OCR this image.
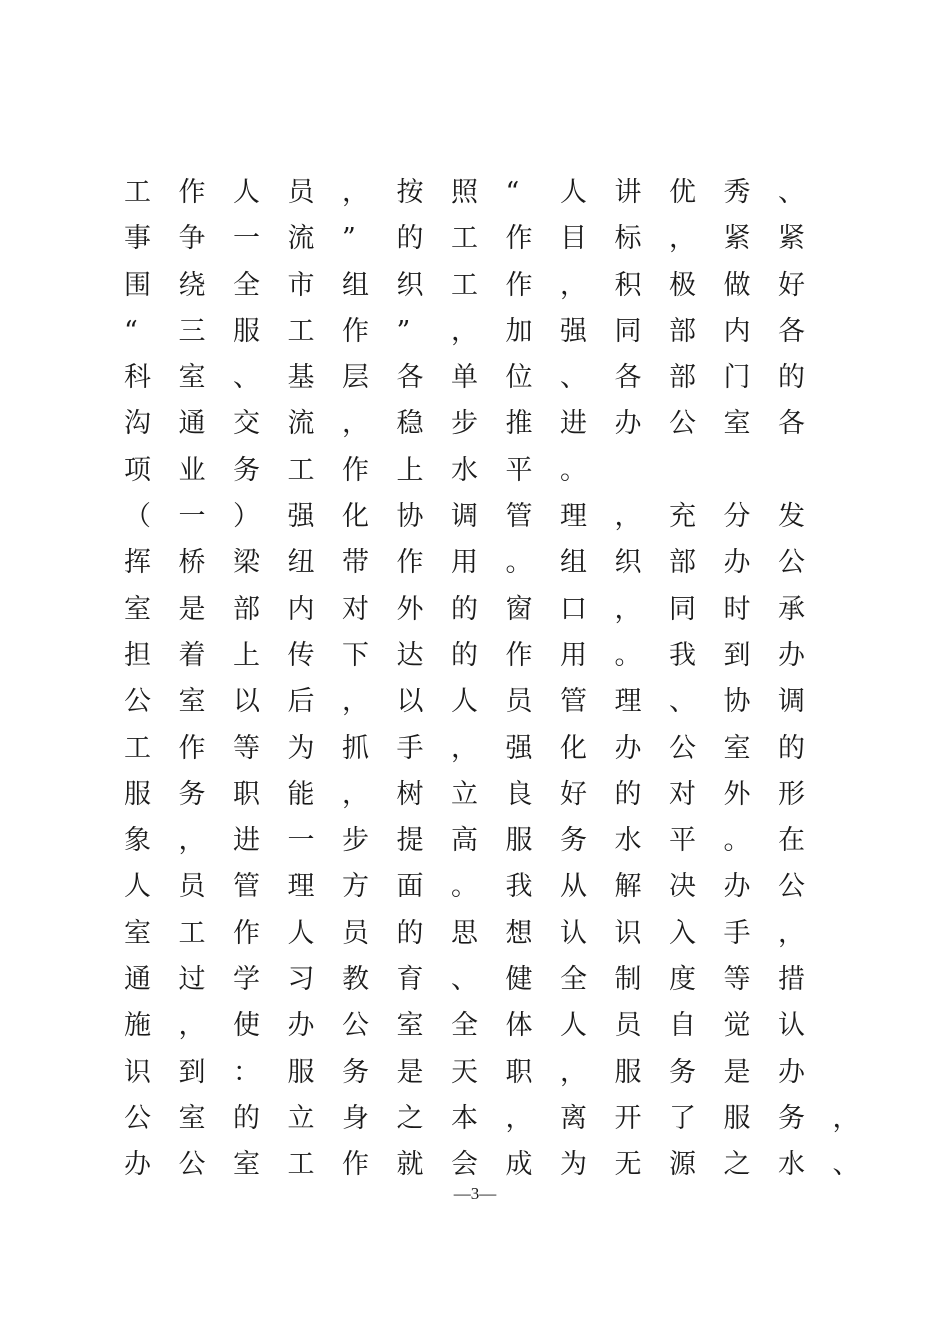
工 作 人 员 ， 按 照 “ 人 讲 优 秀 、
事 争 一 流 ” 的 工 作 目 标 ， 紧 紧
围 绕 全 市 组 织 工 作 ， 积 极 做 好
“ 三 服 工 作 ” ， 加 强 同 部 内 各
科 室 、 基 层 各 单 位 、 各 部 门 的
沟 通 交 流 ， 稳 步 推 进 办 公 室 各
项 业 务 工 作 上 水 平 。
（ 一 ） 强 化 协 调 管 理 ， 充 分 发
挥 桥 梁 纽 带 作 用 。 组 织 部 办 公
室 是 部 内 对 外 的 窗 口 ， 同 时 承
担 着 上 传 下 达 的 作 用 。 我 到 办
公 室 以 后 ， 以 人 员 管 理 、 协 调
工 作 等 为 抓 手 ， 强 化 办 公 室 的
服 务 职 能 ， 树 立 良 好 的 对 外 形
象 ， 进 一 步 提 高 服 务 水 平 。 在
人 员 管 理 方 面 。 我 从 解 决 办 公
室 工 作 人 员 的 思 想 认 识 入 手 ，
通 过 学 习 教 育 、 健 全 制 度 等 措
施 ， 使 办 公 室 全 体 人 员 自 觉 认
识 到 ： 服 务 是 天 职 ， 服 务 是 办
公 室 的 立 身 之 本 ， 离 开 了 服 务 ，
办 公 室 工 作 就 会 成 为 无 源 之 水 、
—3—
